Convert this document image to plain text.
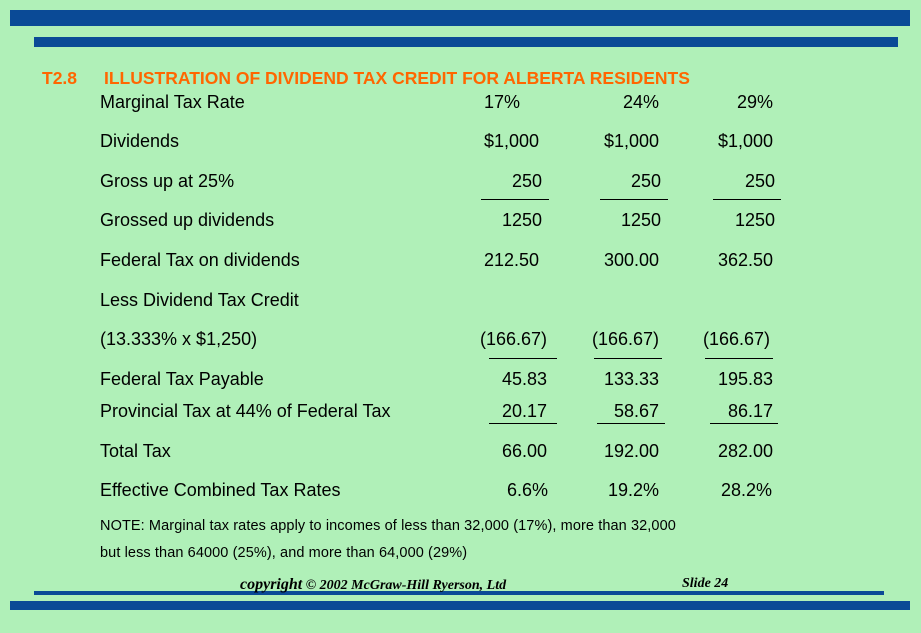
T2.8 ILLUSTRATION OF DIVIDEND TAX CREDIT FOR ALBERTA RESIDENTS
Marginal Tax Rate	17%	24%	29%
Dividends	$1,000	$1,000	$1,000
Gross up at 25%	250	250	250
Grossed up dividends	1250	1250	1250
Federal Tax on dividends	212.50	300.00	362.50
Less Dividend Tax Credit
(13.333% x $1,250)	(166.67) (166.67) (166.67)
Federal Tax Payable	45.83	133.33	195.83
Provincial Tax at 44% of Federal Tax	20.17	58.67	86.17
Total Tax	66.00	192.00	282.00
Effective Combined Tax Rates	6.6%	19.2%	28.2%
NOTE: Marginal tax rates apply to incomes of less than 32,000 (17%), more than 32,000
but less than 64000 (25%), and more than 64,000 (29%)
copyright © 2002 McGraw-Hill Ryerson, Ltd	Slide 24
